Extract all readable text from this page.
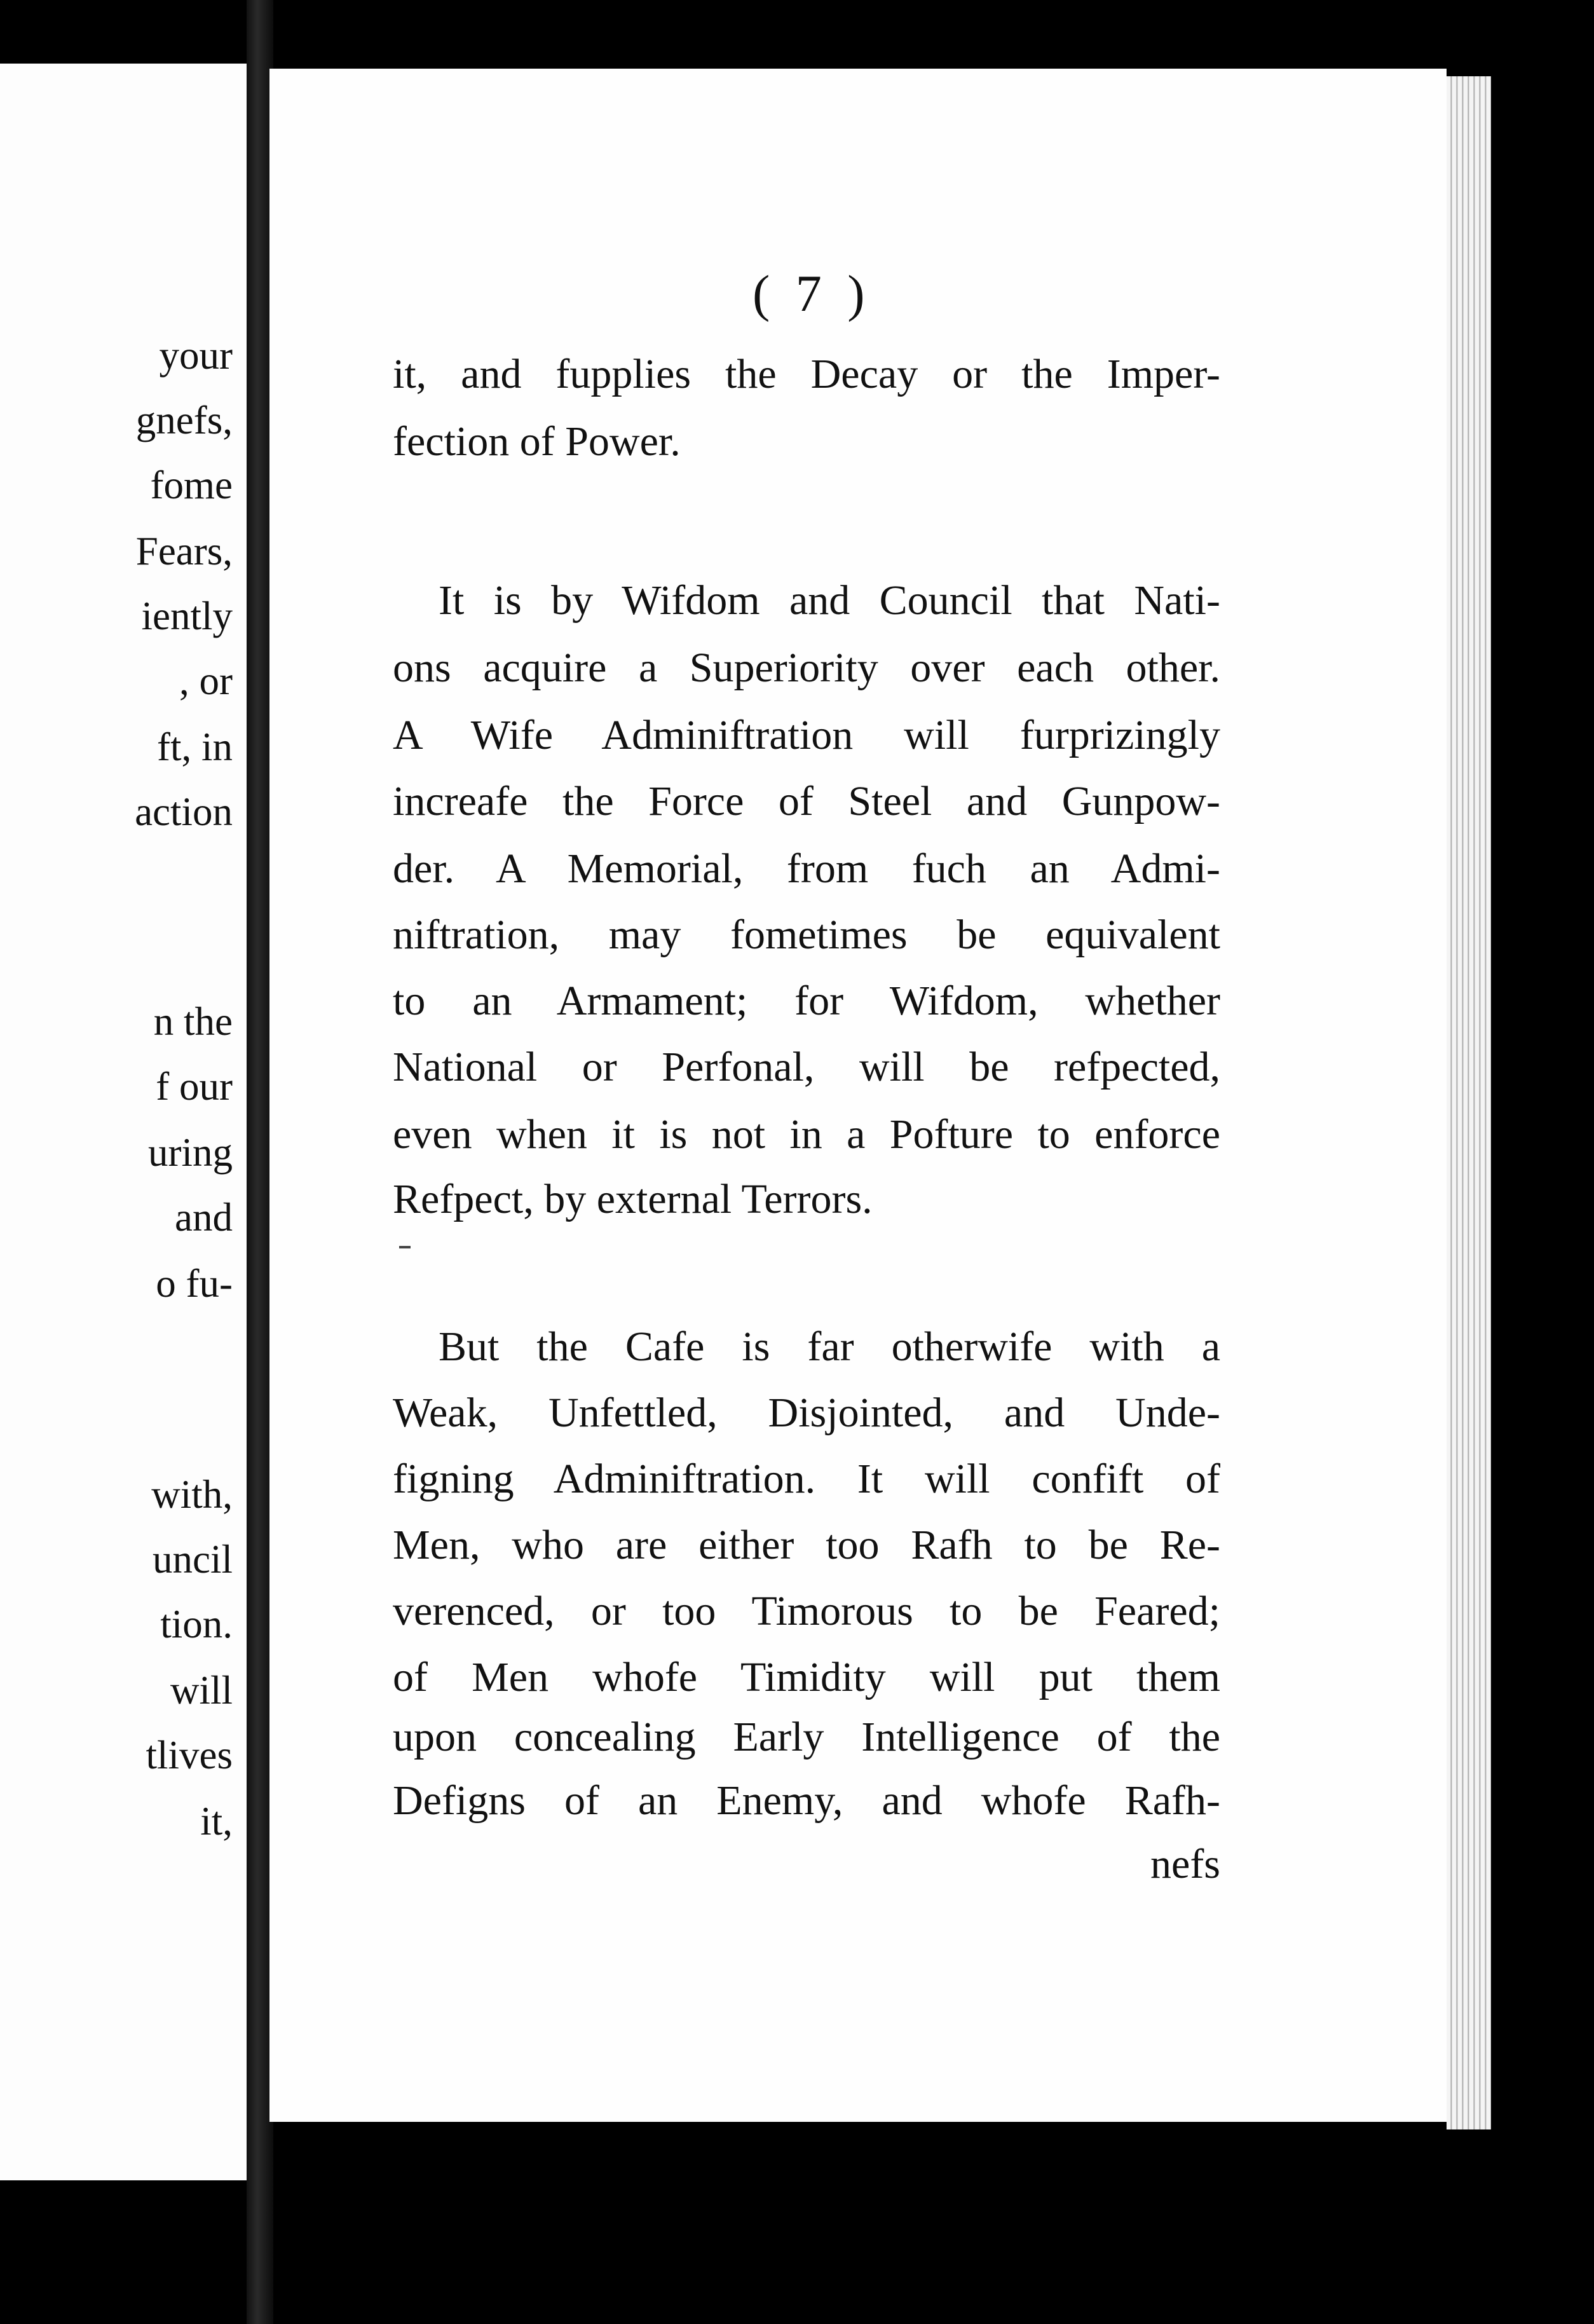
your
gnefs,
fome
Fears,
iently
, or
ft, in
action
n the
f our
uring
and
o fu-
with,
uncil
tion.
will
tlives
it,
( 7 )
it, and fupplies the Decay or the Imper-
fection of Power.
It is by Wifdom and Council that Nati-
ons acquire a Superiority over each other.
A Wife Adminiftration will furprizingly
increafe the Force of Steel and Gunpow-
der. A Memorial, from fuch an Admi-
niftration, may fometimes be equivalent
to an Armament; for Wifdom, whether
National or Perfonal, will be refpected,
even when it is not in a Pofture to enforce
Refpect, by external Terrors.
But the Cafe is far otherwife with a
Weak, Unfettled, Disjointed, and Unde-
figning Adminiftration. It will confift of
Men, who are either too Rafh to be Re-
verenced, or too Timorous to be Feared;
of Men whofe Timidity will put them
upon concealing Early Intelligence of the
Defigns of an Enemy, and whofe Rafh-
nefs
